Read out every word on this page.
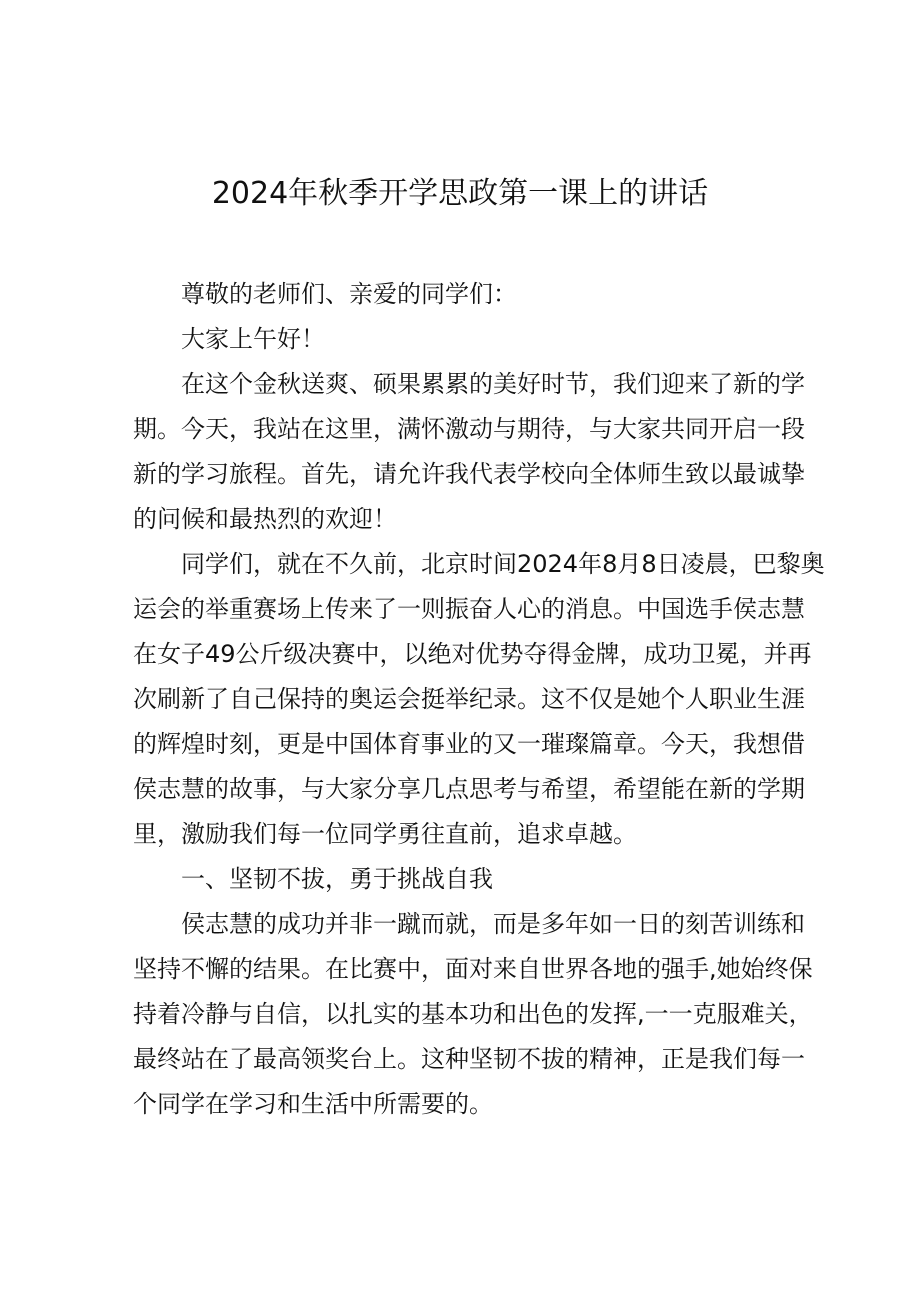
2024年秋季开学思政第一课上的讲话
尊敬的老师们、亲爱的同学们：
大家上午好！
在这个金秋送爽、硕果累累的美好时节，我们迎来了新的学
期。今天，我站在这里，满怀激动与期待，与大家共同开启一段
新的学习旅程。首先，请允许我代表学校向全体师生致以最诚挚
的问候和最热烈的欢迎！
同学们，就在不久前，北京时间2024年8月8日凌晨，巴黎奥
运会的举重赛场上传来了一则振奋人心的消息。中国选手侯志慧
在女子49公斤级决赛中，以绝对优势夺得金牌，成功卫冕，并再
次刷新了自己保持的奥运会挺举纪录。这不仅是她个人职业生涯
的辉煌时刻，更是中国体育事业的又一璀璨篇章。今天，我想借
侯志慧的故事，与大家分享几点思考与希望，希望能在新的学期
里，激励我们每一位同学勇往直前，追求卓越。
一、坚韧不拔，勇于挑战自我
侯志慧的成功并非一蹴而就，而是多年如一日的刻苦训练和
坚持不懈的结果。在比赛中，面对来自世界各地的强手,她始终保
持着冷静与自信，以扎实的基本功和出色的发挥,一一克服难关，
最终站在了最高领奖台上。这种坚韧不拔的精神，正是我们每一
个同学在学习和生活中所需要的。
